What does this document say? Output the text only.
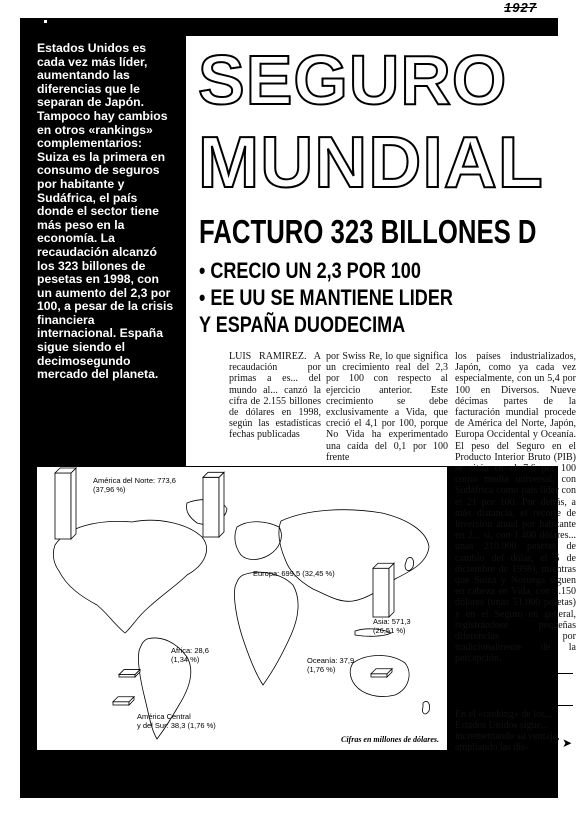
1927

Estados Unidos es cada vez más líder, aumentando las diferencias que le separan de Japón. Tampoco hay cambios en otros «rankings» complementarios: Suiza es la primera en consumo de seguros por habitante y Sudáfrica, el país donde el sector tiene más peso en la economía. La recaudación alcanzó los 323 billones de pesetas en 1998, con un aumento del 2,3 por 100, a pesar de la crisis financiera internacional. España sigue siendo el decimosegundo mercado del planeta.

SEGURO
MUNDIAL
FACTURO 323 BILLONES D
• CRECIO UN 2,3 POR 100
• EE UU SE MANTIENE LIDER
Y ESPAÑA DUODECIMA

LUIS RAMIREZ. A recaudación por primas a es... del mundo al... canzó la cifra de 2.155 billones de dólares en 1998, según las estadísticas fechas publicadas

por Swiss Re, lo que significa un crecimiento real del 2,3 por 100 con respecto al ejercicio anterior. Este crecimiento se debe exclusivamente a Vida, que creció el 4,1 por 100, porque No Vida ha experimentado una caída del 0,1 por 100 frente

los países industrializados, Japón, como ya cada vez especialmente, con un 5,4 por 100 en Diversos. Nueve décimas partes de la facturación mundial procede de América del Norte, Japón, Europa Occidental y Oceanía. El peso del Seguro en el Producto Interior Bruto (PIB) se sitúa en el 7,6 por 100 como media universal, con Sudáfrica como país líder con el 21 por 100. Por detrás, a más distancia, el recorte de inversión anual por habitante en 2... sí, con 1.400 dólares... unas 210.000 pesetas de cambio del dólar, el 5 de diciembre de 1998), mientras que Suiza y Noruega siguen en cabeza en Vida, con 3.150 dólares (unas 51.000 pesetas) y en el Seguro en general, registrándose pequeñas diferencias por tradicionalmente de la percepción.

América del Norte: 773,6
(37,96 %)
Europa: 699,5 (32,45 %)
Asia: 571,3
(26,51 %)
Africa: 28,6
(1,34 %)	Oceanía: 37,9
(1,76 %)
América Central
y del Sur: 38,3 (1,76 %)
Cifras en millones de dólares.
Aumentan las distancias

En el «ranking» de los... Estados Unidos sigue... incrementando su ventaja, ampliando las dis-	➤
